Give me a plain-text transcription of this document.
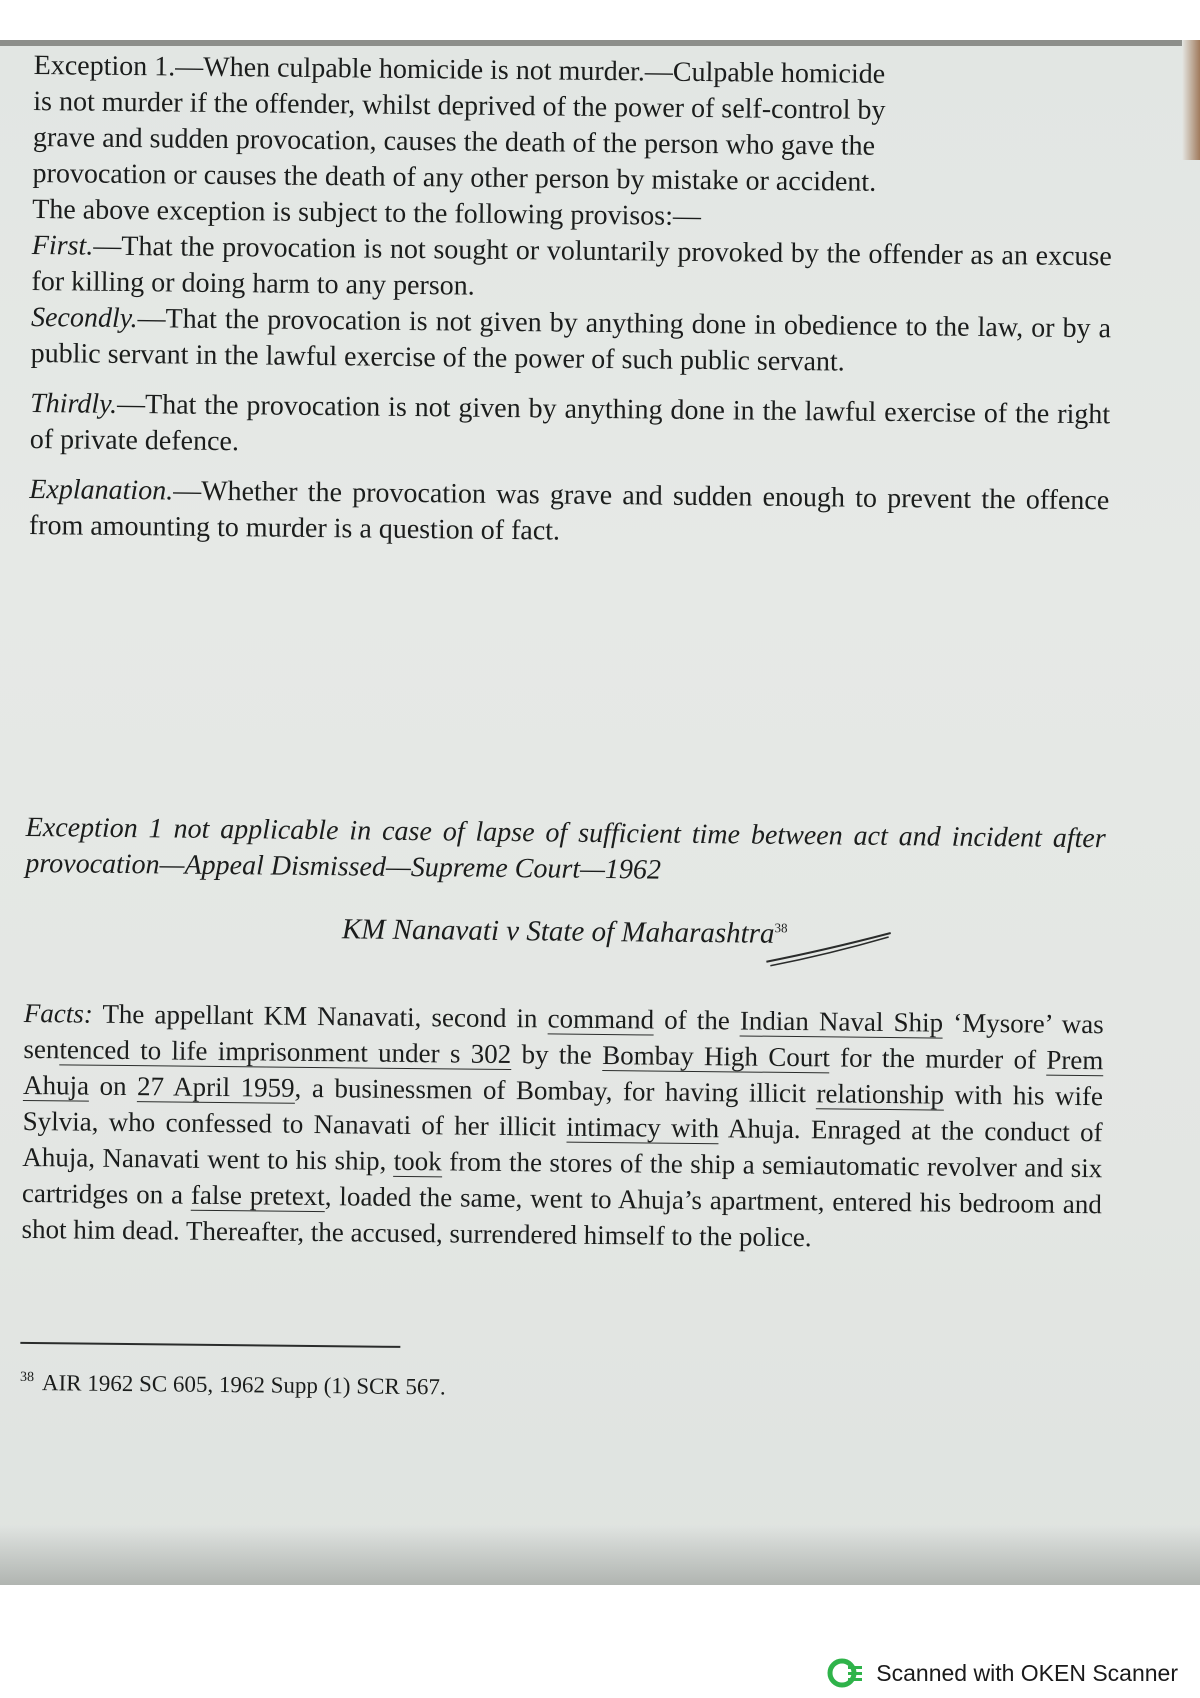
Exception 1.—When culpable homicide is not murder.—Culpable homicide
is not murder if the offender, whilst deprived of the power of self-control by
grave and sudden provocation, causes the death of the person who gave the
provocation or causes the death of any other person by mistake or accident.
The above exception is subject to the following provisos:—
First.—That the provocation is not sought or voluntarily provoked by the offender as an excuse for killing or doing harm to any person.
Secondly.—That the provocation is not given by anything done in obedience to the law, or by a public servant in the lawful exercise of the power of such public servant.
Thirdly.—That the provocation is not given by anything done in the lawful exercise of the right of private defence.
Explanation.—Whether the provocation was grave and sudden enough to prevent the offence from amounting to murder is a question of fact.
Exception 1 not applicable in case of lapse of sufficient time between act and incident after provocation—Appeal Dismissed—Supreme Court—1962
KM Nanavati v State of Maharashtra$^{38}$
Facts: The appellant KM Nanavati, second in command of the Indian Naval Ship ‘Mysore’ was sentenced to life imprisonment under s 302 by the Bombay High Court for the murder of Prem Ahuja on 27 April 1959, a businessmen of Bombay, for having illicit relationship with his wife Sylvia, who confessed to Nanavati of her illicit intimacy with Ahuja. Enraged at the conduct of Ahuja, Nanavati went to his ship, took from the stores of the ship a semiautomatic revolver and six cartridges on a false pretext, loaded the same, went to Ahuja’s apartment, entered his bedroom and shot him dead. Thereafter, the accused, surrendered himself to the police.
$^{38}$ AIR 1962 SC 605, 1962 Supp (1) SCR 567.
Scanned with OKEN Scanner
